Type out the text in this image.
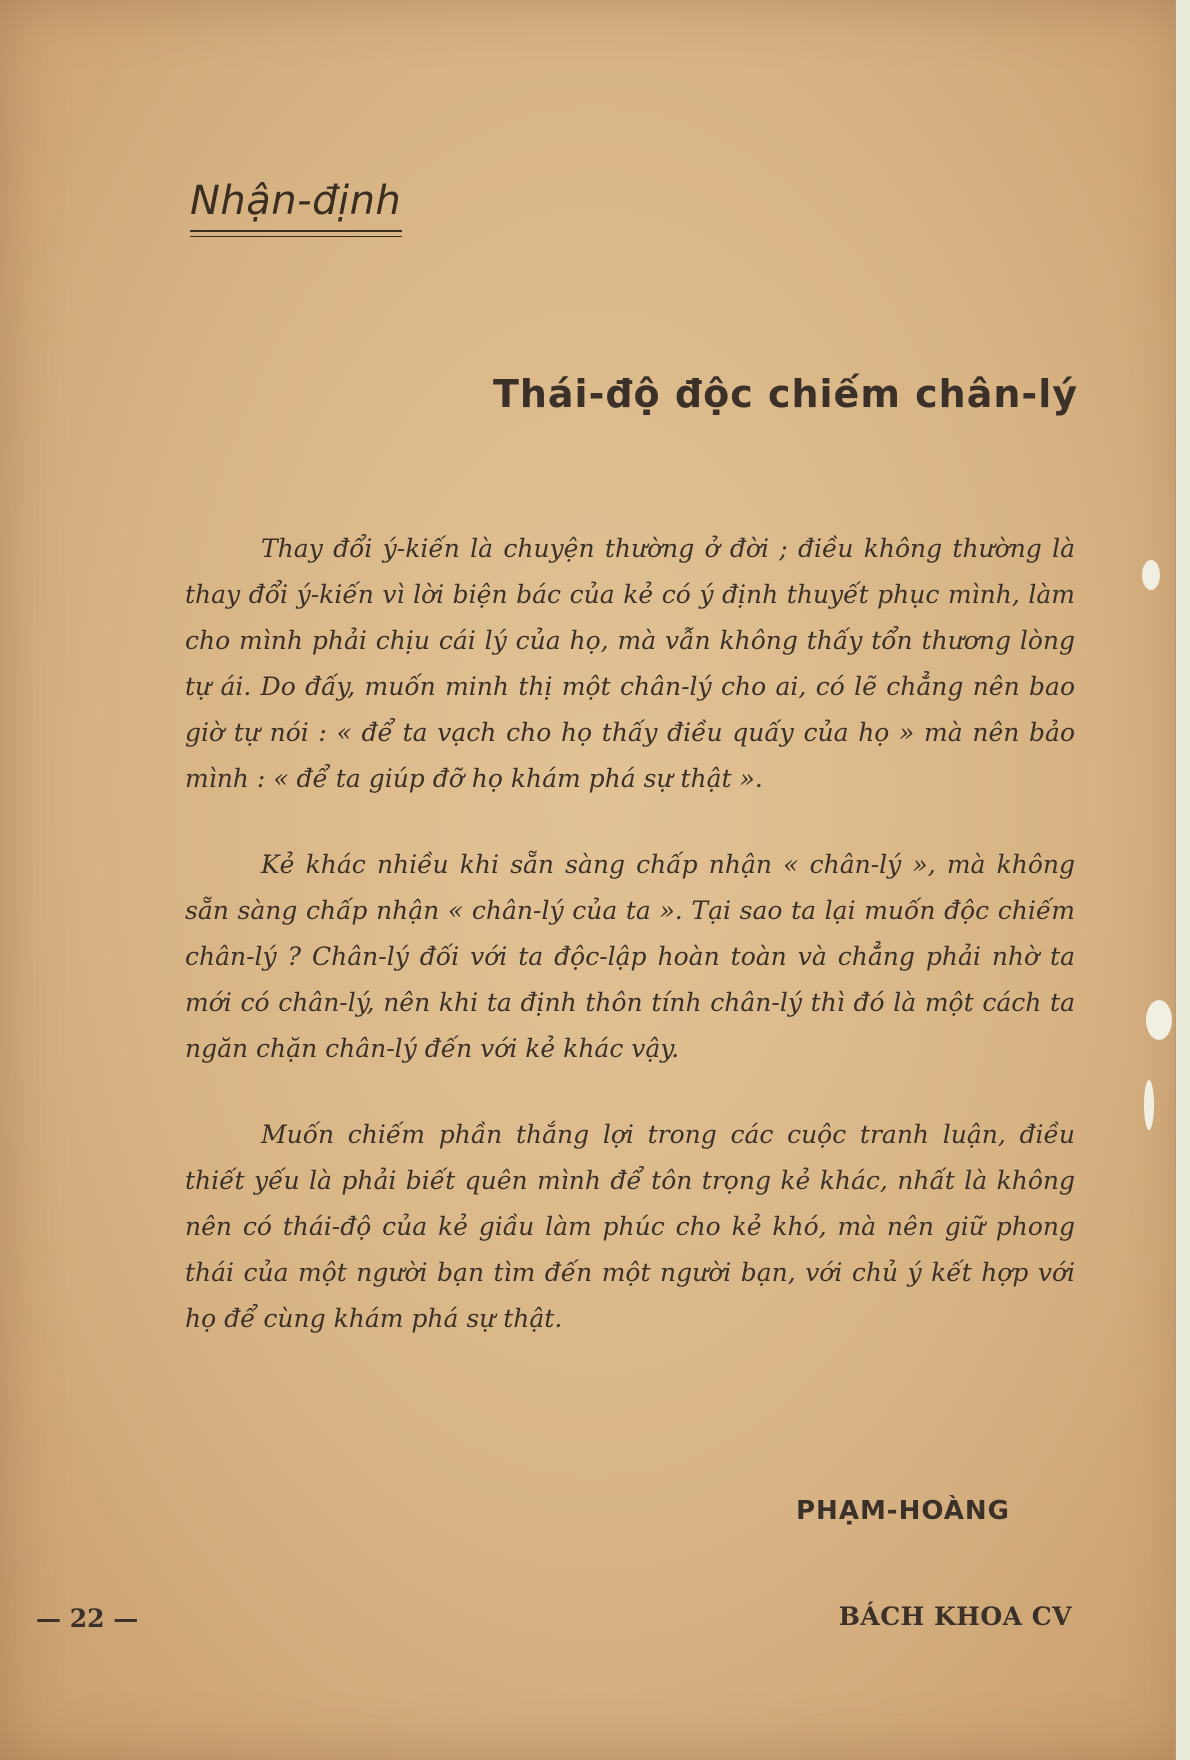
Nhận-định
Thái-độ độc chiếm chân-lý

Thay đổi ý-kiến là chuyện thường ở đời ; điều không thường là thay đổi ý-kiến vì lời biện bác của kẻ có ý định thuyết phục mình, làm cho mình phải chịu cái lý của họ, mà vẫn không thấy tổn thương lòng tự ái. Do đấy, muốn minh thị một chân-lý cho ai, có lẽ chẳng nên bao giờ tự nói : « để ta vạch cho họ thấy điều quấy của họ » mà nên bảo mình : « để ta giúp đỡ họ khám phá sự thật ».

Kẻ khác nhiều khi sẵn sàng chấp nhận « chân-lý », mà không sẵn sàng chấp nhận « chân-lý của ta ». Tại sao ta lại muốn độc chiếm chân-lý ? Chân-lý đối với ta độc-lập hoàn toàn và chẳng phải nhờ ta mới có chân-lý, nên khi ta định thôn tính chân-lý thì đó là một cách ta ngăn chặn chân-lý đến với kẻ khác vậy.

Muốn chiếm phần thắng lợi trong các cuộc tranh luận, điều thiết yếu là phải biết quên mình để tôn trọng kẻ khác, nhất là không nên có thái-độ của kẻ giầu làm phúc cho kẻ khó, mà nên giữ phong thái của một người bạn tìm đến một người bạn, với chủ ý kết hợp với họ để cùng khám phá sự thật.

PHẠM-HOÀNG
— 22 —	BÁCH KHOA CV
